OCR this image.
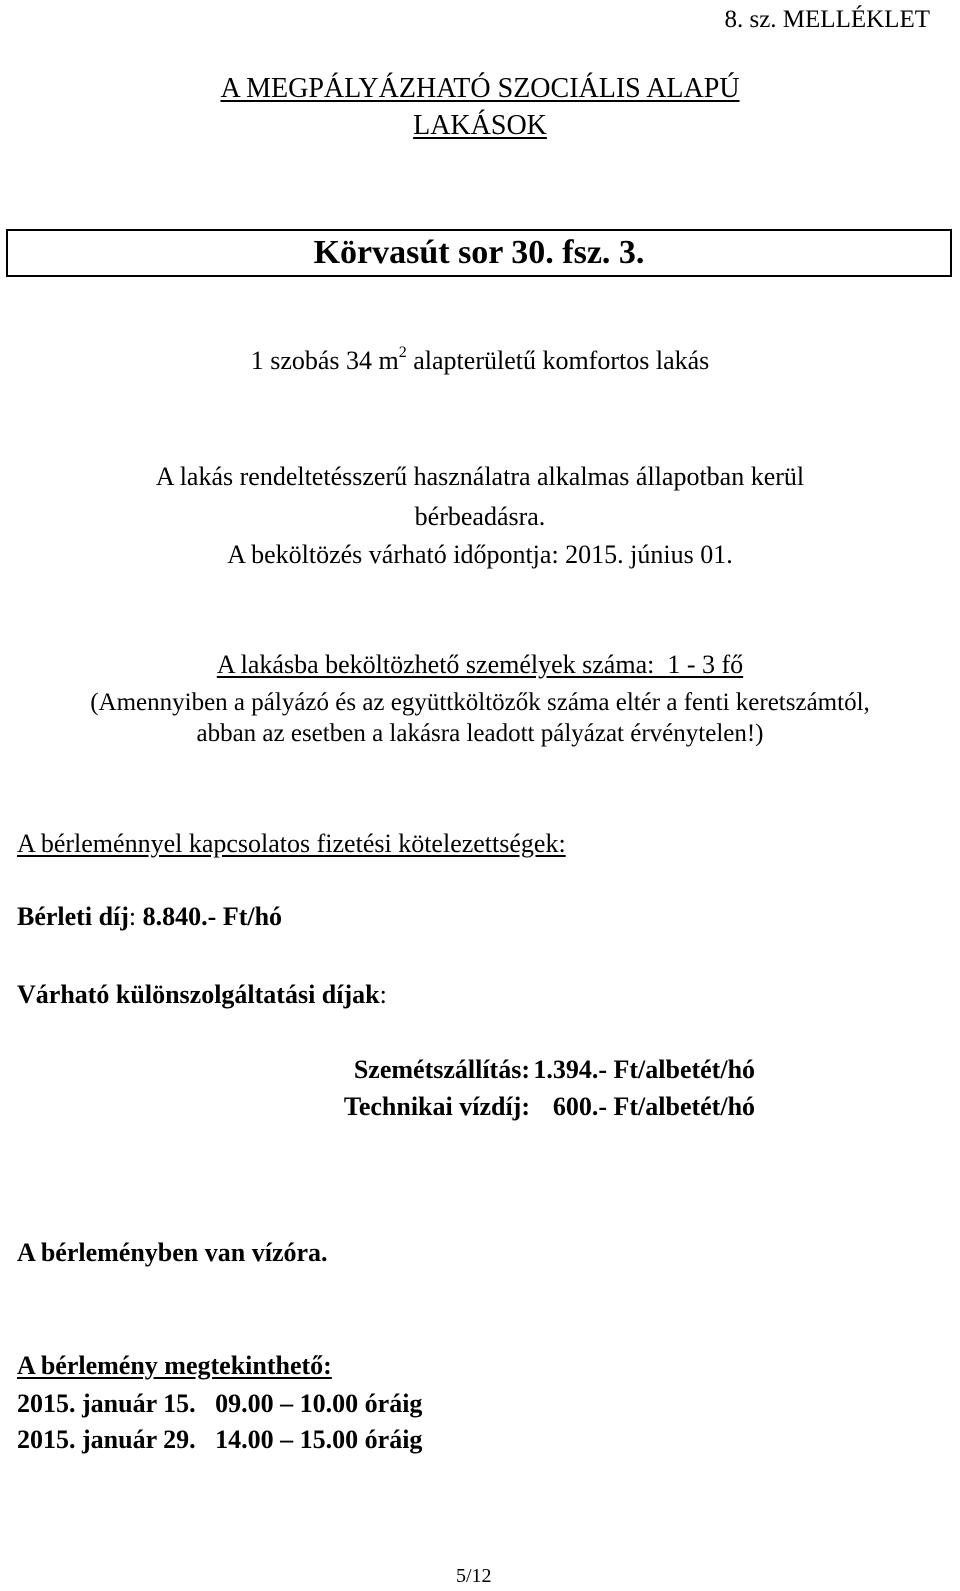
8. sz. MELLÉKLET
A MEGPÁLYÁZHATÓ SZOCIÁLIS ALAPÚ
LAKÁSOK
Körvasút sor 30. fsz. 3.
1 szobás 34 $m^2$ alapterületű komfortos lakás
A lakás rendeltetésszerű használatra alkalmas állapotban kerül
bérbeadásra.
A beköltözés várható időpontja: 2015. június 01.
A lakásba beköltözhető személyek száma:  1 - 3 fő
(Amennyiben a pályázó és az együttköltözők száma eltér a fenti keretszámtól,
abban az esetben a lakásra leadott pályázat érvénytelen!)
A bérleménnyel kapcsolatos fizetési kötelezettségek:
Bérleti díj: 8.840.- Ft/hó
Várható különszolgáltatási díjak:
Szemétszállítás: 1.394.- Ft/albetét/hó
Technikai vízdíj: 600.- Ft/albetét/hó
A bérleményben van vízóra.
A bérlemény megtekinthető:
2015. január 15.   09.00 – 10.00 óráig
2015. január 29.   14.00 – 15.00 óráig
5/12
